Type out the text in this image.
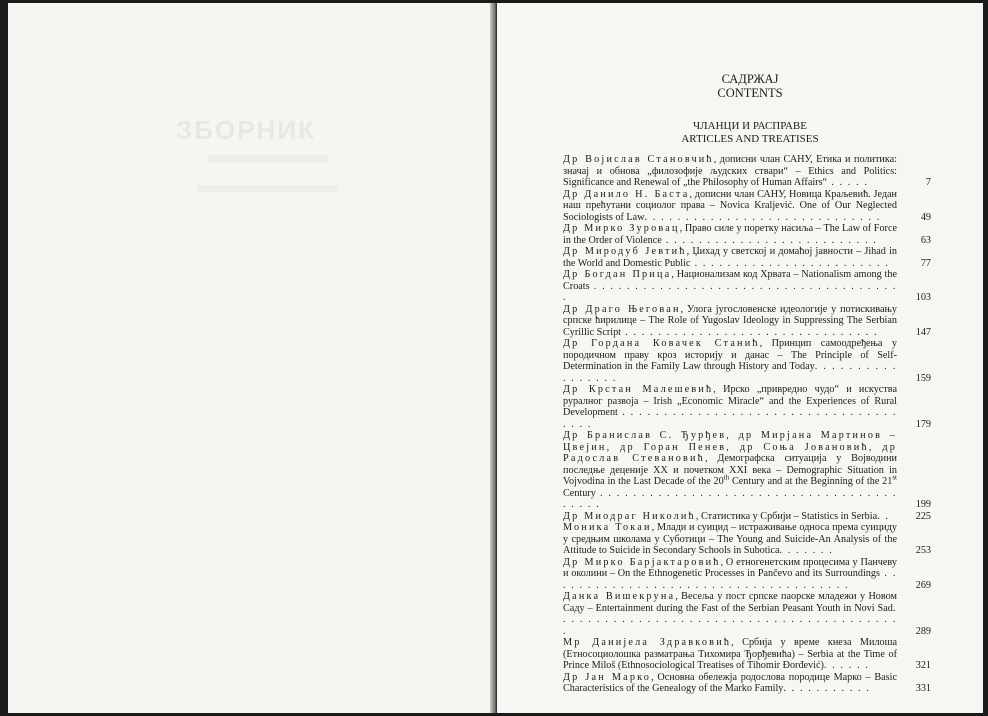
ЗБОРНИК
САДРЖАЈ
CONTENTS
ЧЛАНЦИ И РАСПРАВЕ
ARTICLES AND TREATISES
Др Војислав Становчић, дописни члан САНУ, Етика и политика: значај и обнова „филозофије људских ствари“ – Ethics and Politics: Significance and Renewal of „the Philosophy of Human Affairs“ . . . . .	7
Др Данило Н. Баста, дописни члан САНУ, Новица Краљевић. Један наш прећутани социолог права – Novica Kraljević. One of Our Neglected Sociologists of Law. . . . . . . . . . . . . . . . . . . . . . . . . . . . .	49
Др Мирко Зуровац, Право силе у поретку насиља – The Law of Force in the Order of Violence . . . . . . . . . . . . . . . . . . . . . . . . . .	63
Др Миродуб Јевтић, Џихад у светској и домаћој јавности – Jihad in the World and Domestic Public . . . . . . . . . . . . . . . . . . . . . . . .	77
Др Богдан Прица, Национализам код Хрвата – Nationalism among the Croats . . . . . . . . . . . . . . . . . . . . . . . . . . . . . . . . . . . . . .	103
Др Драго Његован, Улога југословенске идеологије у потискивању српске ћирилице – The Role of Yugoslav Ideology in Suppressing The Serbian Cyrillic Script . . . . . . . . . . . . . . . . . . . . . . . . . . . . . . .	147
Др Гордана Ковачек Станић, Принцип самоодређења у породичном праву кроз историју и данас – The Principle of Self-Determination in the Family Law through History and Today. . . . . . . . . . . . . . . . .	159
Др Крстан Малешевић, Ирско „привредно чудо“ и искуства руралног развоја – Irish „Economic Miracle“ and the Experiences of Rural Development . . . . . . . . . . . . . . . . . . . . . . . . . . . . . . . . . . . . .	179
Др Бранислав С. Ђурђев, др Мирјана Мартинов – Цвејин, др Горан Пенев, др Соња Јовановић, др Радослав Стевановић, Демографска ситуација у Војводини последње деценије XX и почетком XXI века – Demographic Situation in Vojvodina in the Last Decade of the 20th Century and at the Beginning of the 21st Century . . . . . . . . . . . . . . . . . . . . . . . . . . . . . . . . . . . . . . . . .	199
Др Миодраг Николић, Статистика у Србији – Statistics in Serbia. .	225
Моника Токаи, Млади и суицид – истраживање односа према суициду у средњим школама у Суботици – The Young and Suicide-An Analysis of the Attitude to Suicide in Secondary Schools in Subotica. . . . . . .	253
Др Мирко Барјактаровић, О етногенетским процесима у Панчеву и околини – On the Ethnogenetic Processes in Pančevo and its Surroundings . . . . . . . . . . . . . . . . . . . . . . . . . . . . . . . . . . . . .	269
Данка Вишекруна, Весеља у пост српске паорске младежи у Новом Саду – Entertainment during the Fast of the Serbian Peasant Youth in Novi Sad. . . . . . . . . . . . . . . . . . . . . . . . . . . . . . . . . . . . . . . . . .	289
Мр Данијела Здравковић, Србија у време кнеза Милоша (Етносоциолошка разматрања Тихомира Ђорђевића) – Serbia at the Time of Prince Miloš (Ethnosociological Treatises of Tihomir Đorđević). . . . . .	321
Др Јан Марко, Основна обележја родослова породице Марко – Basic Characteristics of the Genealogy of the Marko Family. . . . . . . . . . .	331
